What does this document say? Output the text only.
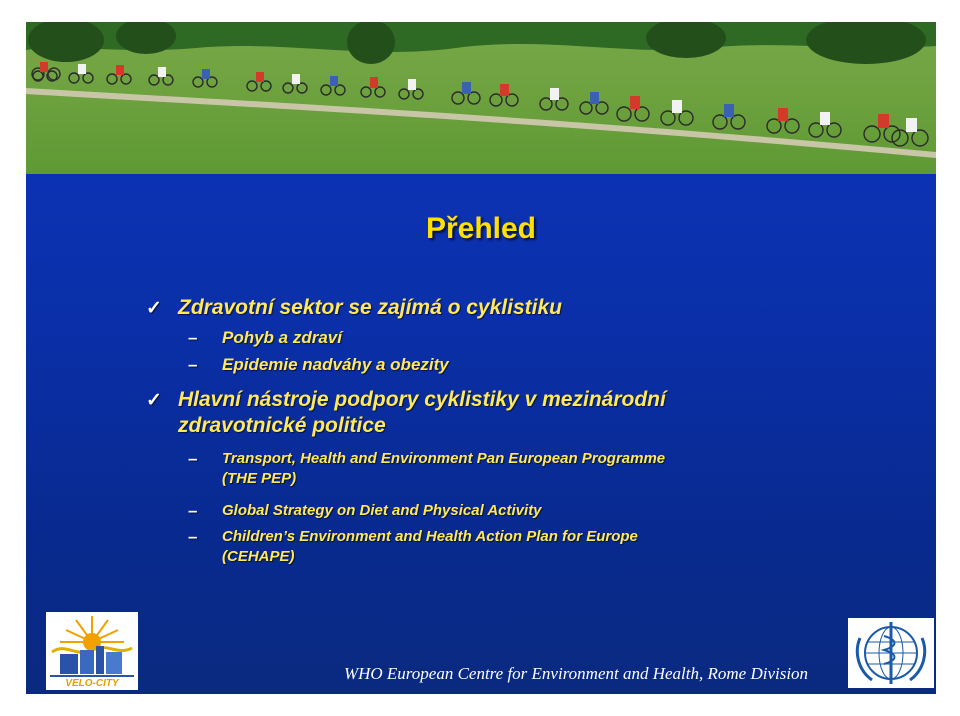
Přehled
✓ Zdravotní sektor se zajímá o cyklistiku
– Pohyb a zdraví
– Epidemie nadváhy a obezity
✓ Hlavní nástroje podpory cyklistiky v mezinárodní
zdravotnické politice
– Transport, Health and Environment Pan European Programme
(THE PEP)
– Global Strategy on Diet and Physical Activity
– Children’s Environment and Health Action Plan for Europe
(CEHAPE)
VELO-CITY
WHO European Centre for Environment and Health, Rome Division
